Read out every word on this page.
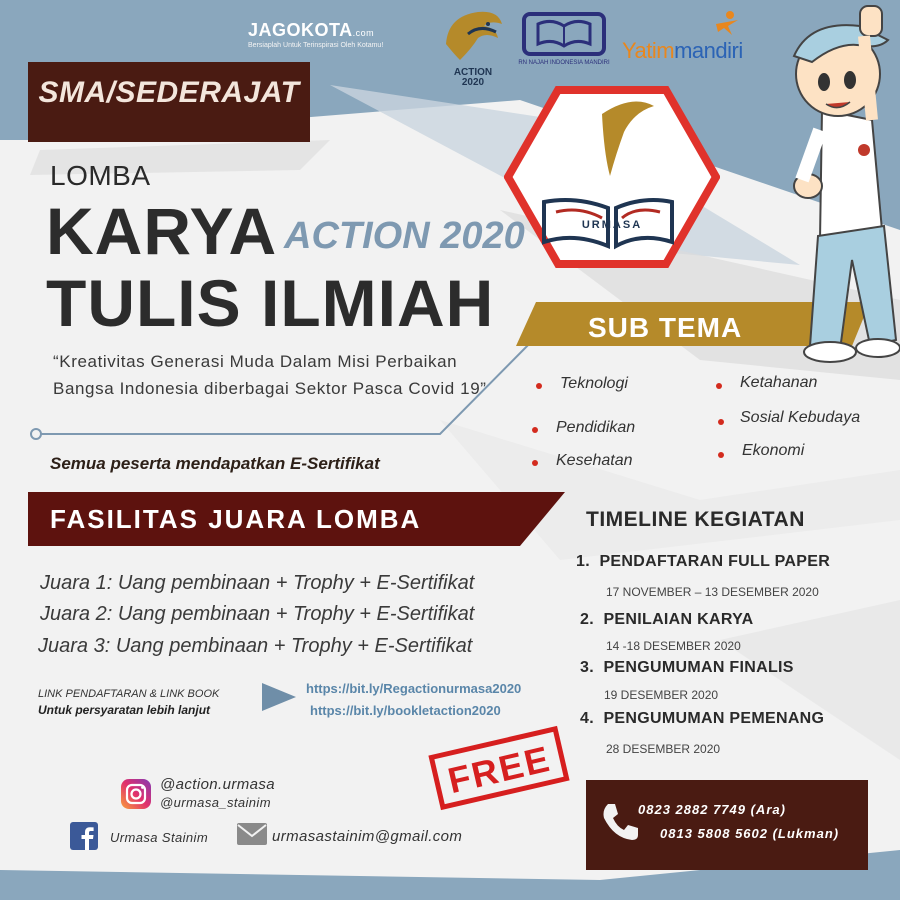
JAGOKOTA.com
Bersiaplah Untuk Terinspirasi Oleh Kotamu!
ACTION
2020
RN NAJAH INDONESIA MANDIRI Yatimmandiri
SMA/SEDERAJAT
LOMBA
KARYA ACTION 2020
TULIS ILMIAH
URMASA
“Kreativitas Generasi Muda Dalam Misi Perbaikan Bangsa Indonesia diberbagai Sektor Pasca Covid 19”
Semua peserta mendapatkan E-Sertifikat
SUB TEMA
Teknologi
Pendidikan
Kesehatan
Ketahanan
Sosial Kebudaya
Ekonomi
FASILITAS JUARA LOMBA
Juara 1: Uang pembinaan + Trophy + E-Sertifikat
Juara 2: Uang pembinaan + Trophy + E-Sertifikat
Juara 3: Uang pembinaan + Trophy + E-Sertifikat
LINK PENDAFTARAN & LINK BOOK
Untuk persyaratan lebih lanjut
https://bit.ly/Regactionurmasa2020
https://bit.ly/bookletaction2020
TIMELINE KEGIATAN
1. PENDAFTARAN FULL PAPER
17 NOVEMBER – 13 DESEMBER 2020
2. PENILAIAN KARYA
14 -18 DESEMBER 2020
3. PENGUMUMAN FINALIS
19 DESEMBER 2020
4. PENGUMUMAN PEMENANG
28 DESEMBER 2020
FREE
@action.urmasa
@urmasa_stainim
Urmasa Stainim	urmasastainim@gmail.com
0823 2882 7749 (Ara)
0813 5808 5602 (Lukman)
